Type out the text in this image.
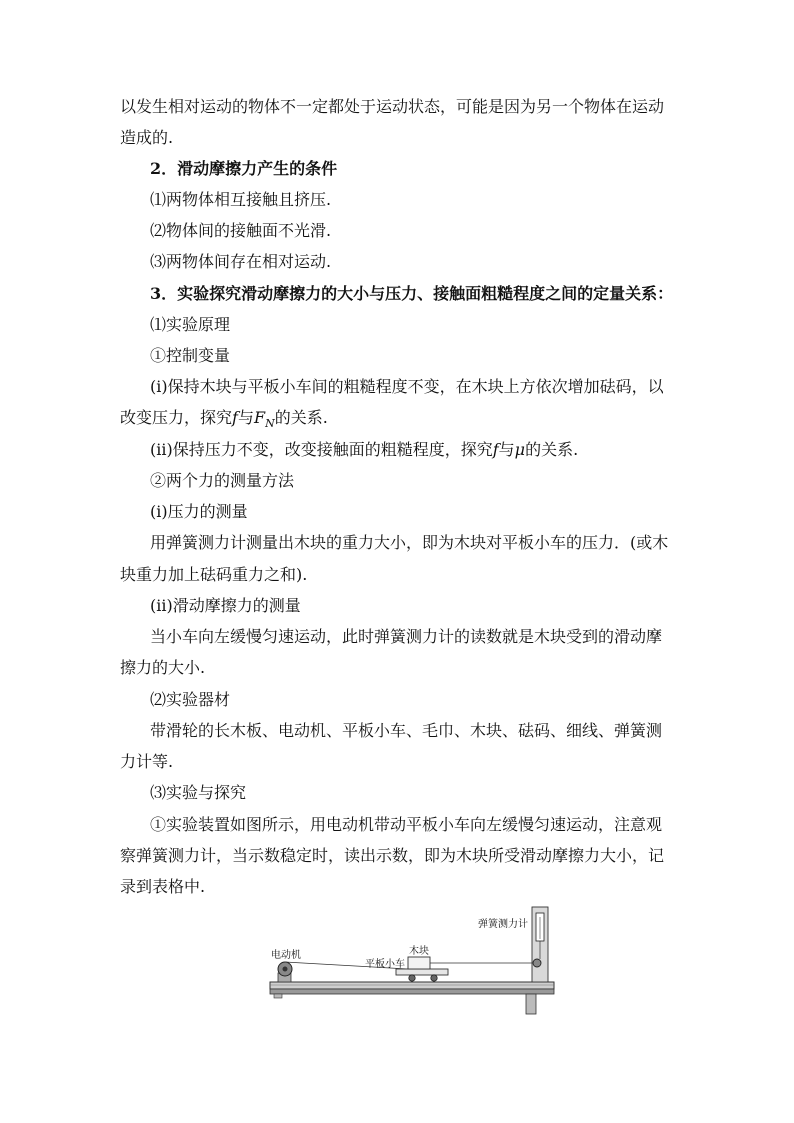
以发生相对运动的物体不一定都处于运动状态，可能是因为另一个物体在运动
造成的.
2．滑动摩擦力产生的条件
⑴两物体相互接触且挤压.
⑵物体间的接触面不光滑.
⑶两物体间存在相对运动.
3．实验探究滑动摩擦力的大小与压力、接触面粗糙程度之间的定量关系：
⑴实验原理
①控制变量
(ⅰ)保持木块与平板小车间的粗糙程度不变，在木块上方依次增加砝码，以
改变压力，探究f与$F_N$的关系.
(ⅱ)保持压力不变，改变接触面的粗糙程度，探究f与μ的关系.
②两个力的测量方法
(ⅰ)压力的测量
用弹簧测力计测量出木块的重力大小，即为木块对平板小车的压力．(或木
块重力加上砝码重力之和).
(ⅱ)滑动摩擦力的测量
当小车向左缓慢匀速运动，此时弹簧测力计的读数就是木块受到的滑动摩
擦力的大小.
⑵实验器材
带滑轮的长木板、电动机、平板小车、毛巾、木块、砝码、细线、弹簧测
力计等.
⑶实验与探究
①实验装置如图所示，用电动机带动平板小车向左缓慢匀速运动，注意观
察弹簧测力计，当示数稳定时，读出示数，即为木块所受滑动摩擦力大小，记
录到表格中.
弹簧测力计
电动机	木块
平板小车
